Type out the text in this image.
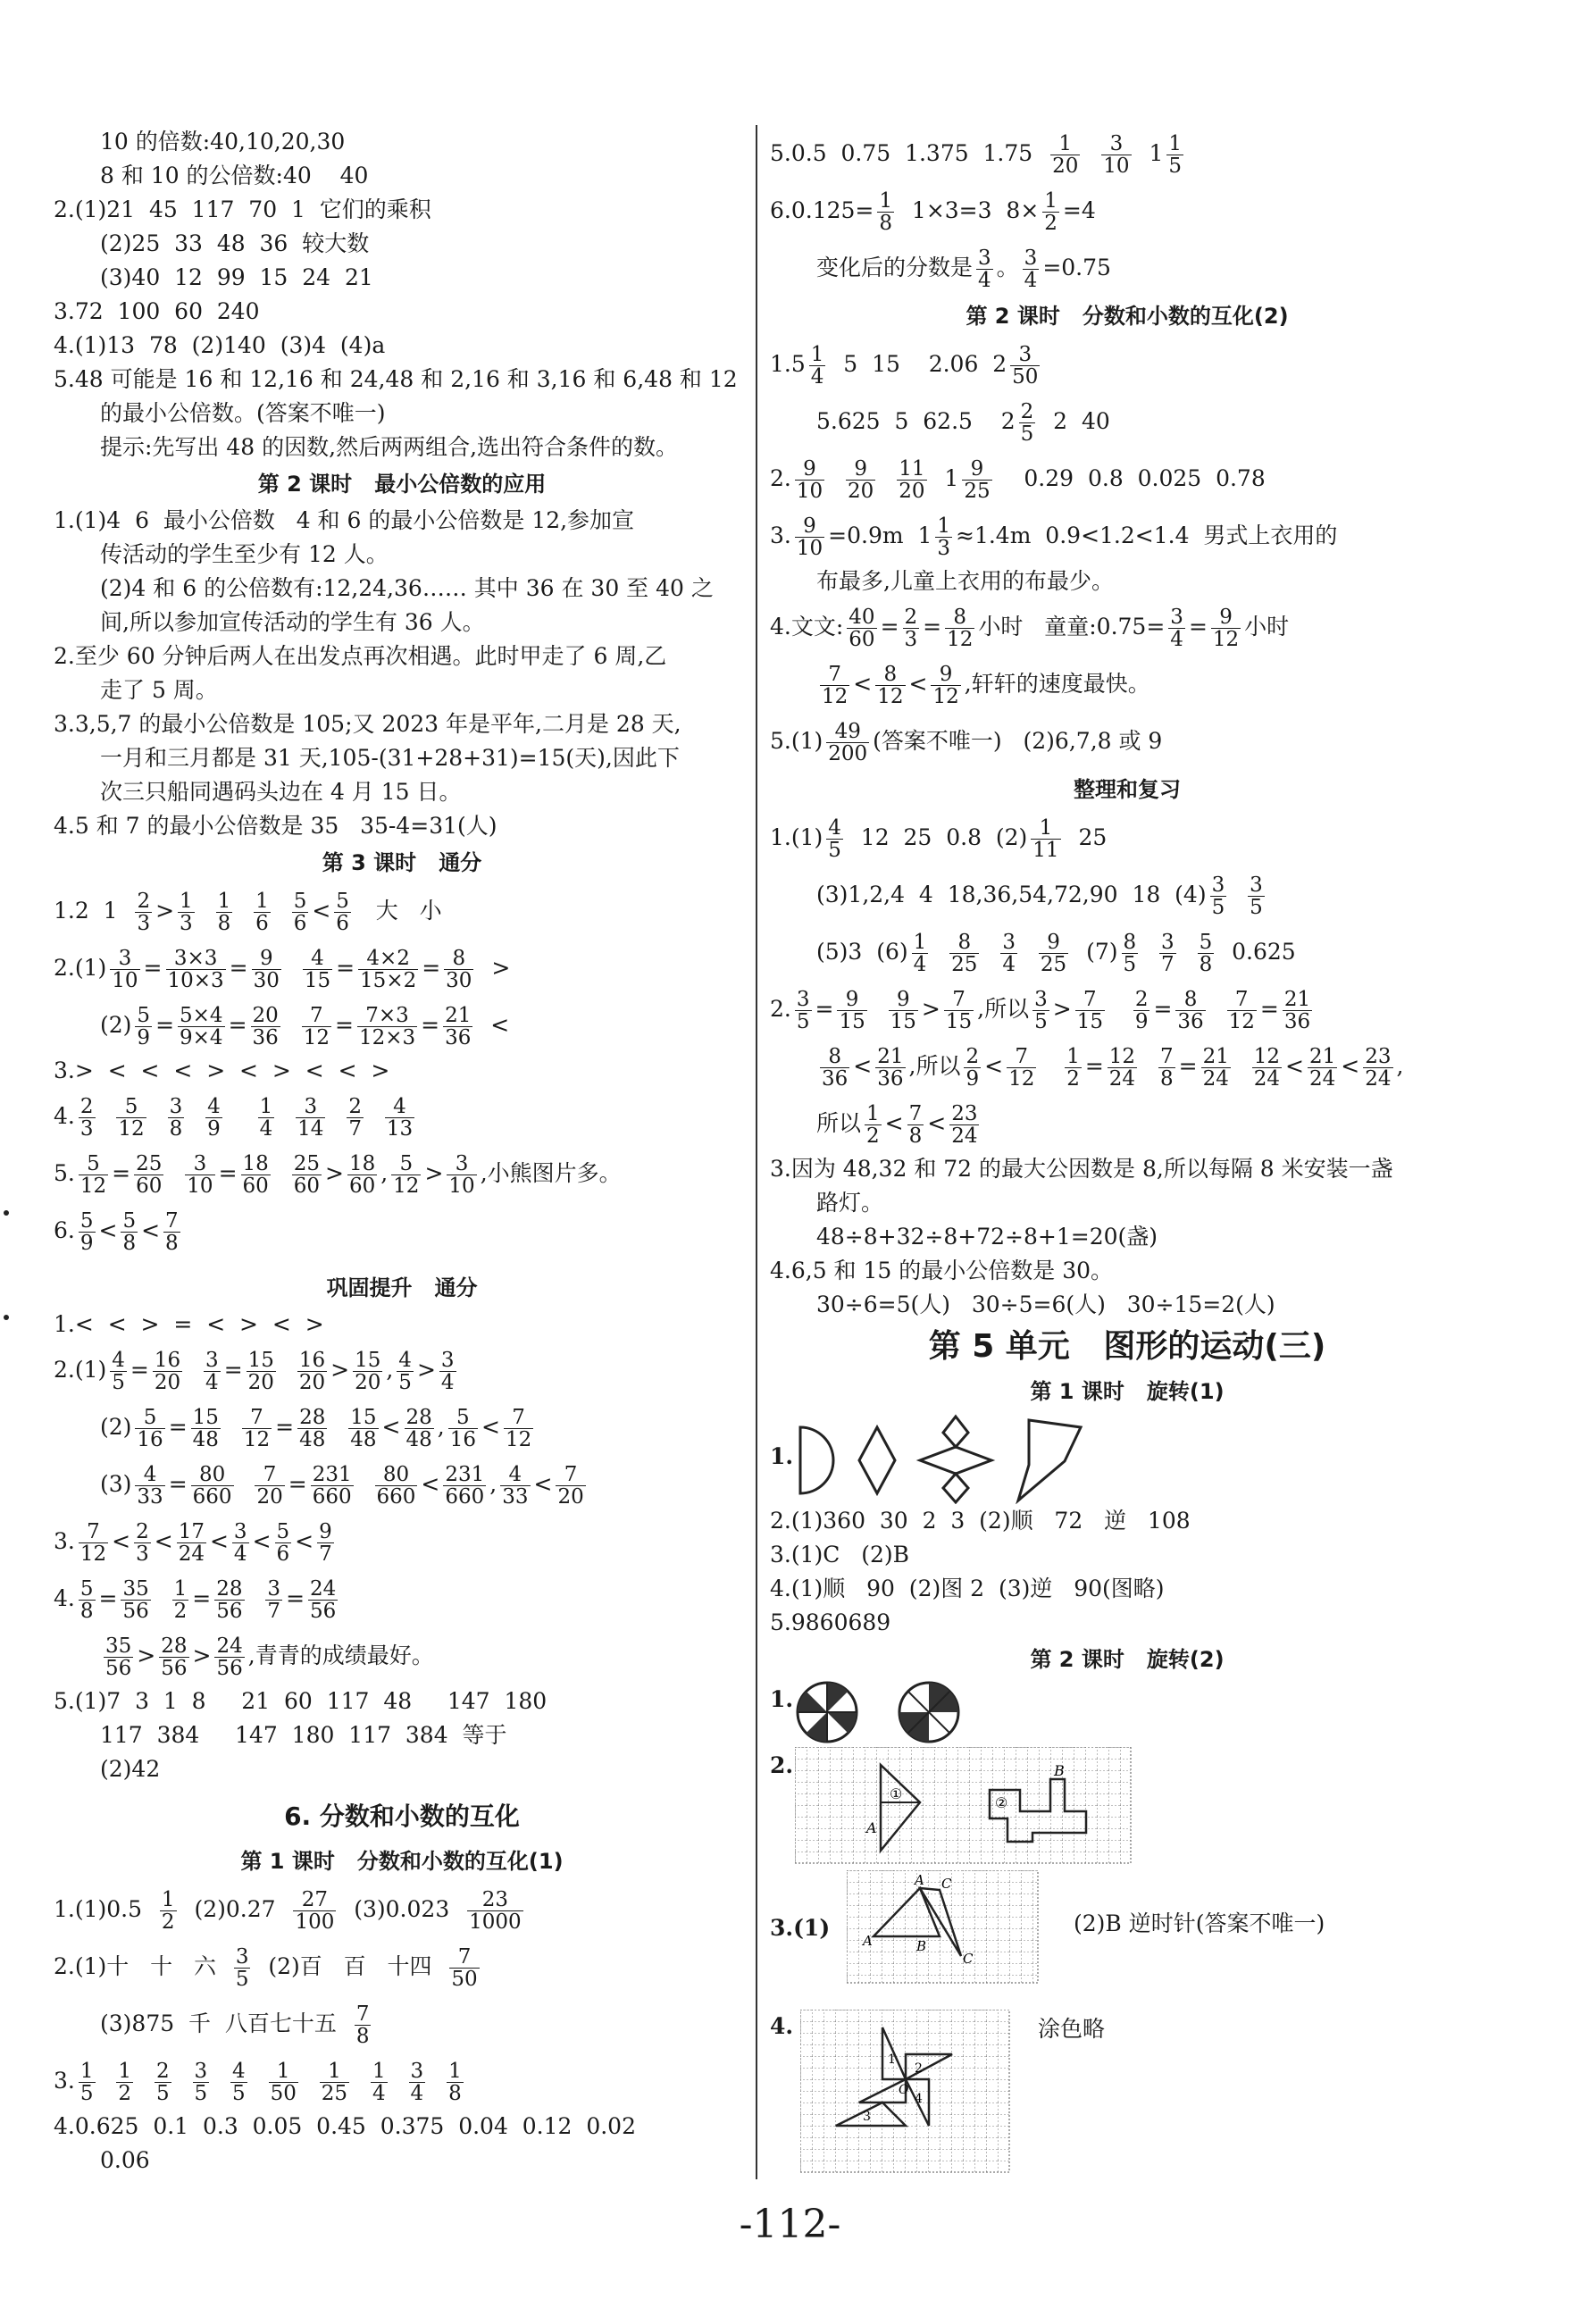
10 的倍数:40,10,20,30
8 和 10 的公倍数:40    40
2.(1)21  45  117  70  1  它们的乘积
(2)25  33  48  36  较大数
(3)40  12  99  15  24  21
3.72  100  60  240
4.(1)13  78  (2)140  (3)4  (4)a
5.48 可能是 16 和 12,16 和 24,48 和 2,16 和 3,16 和 6,48 和 12
的最小公倍数。(答案不唯一)
提示:先写出 48 的因数,然后两两组合,选出符合条件的数。
第 2 课时   最小公倍数的应用
1.(1)4  6  最小公倍数   4 和 6 的最小公倍数是 12,参加宣
传活动的学生至少有 12 人。
(2)4 和 6 的公倍数有:12,24,36…… 其中 36 在 30 至 40 之
间,所以参加宣传活动的学生有 36 人。
2.至少 60 分钟后两人在出发点再次相遇。此时甲走了 6 周,乙
走了 5 周。
3.3,5,7 的最小公倍数是 105;又 2023 年是平年,二月是 28 天,
一月和三月都是 31 天,105-(31+28+31)=15(天),因此下
次三只船同遇码头边在 4 月 15 日。
4.5 和 7 的最小公倍数是 35   35-4=31(人)
第 3 课时   通分
1.2  $1 \frac{2}{3} > \frac{1}{3}$
$\frac{1}{8}$
$\frac{1}{6}$
$\frac{5}{6} < \frac{5}{6}$ 大   小
$2.(1) \frac{3}{10} = \frac{3\times 3}{10\times 3} = \frac{9}{30}$
$\frac{4}{15} = \frac{4\times 2}{15\times 2} = \frac{8}{30}$ >
$(2) \frac{5}{9} = \frac{5\times 4}{9\times 4} = \frac{20}{36}$
$\frac{7}{12} = \frac{7\times 3}{12\times 3} = \frac{21}{36}$ <
3.>  <  <  <  >  <  >  <  <  >
4. $\frac{2}{3}$
$\frac{5}{12}$
$\frac{3}{8}$
$\frac{4}{9}$
$\frac{1}{4}$
$\frac{3}{14}$
$\frac{2}{7}$
$\frac{4}{13}$
5. $\frac{5}{12} = \frac{25}{60}$
$\frac{3}{10} = \frac{18}{60}$
$\frac{25}{60} > \frac{18}{60}$ , $\frac{5}{12} > \frac{3}{10}$ ,小熊图片多。
6. $\frac{5}{9} < \frac{5}{8} < \frac{7}{8}$
巩固提升   通分
1.<  <  >  =  <  >  <  >
$2.(1) \frac{4}{5} = \frac{16}{20}$
$\frac{3}{4} = \frac{15}{20}$
$\frac{16}{20} > \frac{15}{20}$ , $\frac{4}{5} > \frac{3}{4}$
$(2) \frac{5}{16} = \frac{15}{48}$
$\frac{7}{12} = \frac{28}{48}$
$\frac{15}{48} < \frac{28}{48}$ , $\frac{5}{16} < \frac{7}{12}$
$(3) \frac{4}{33} = \frac{80}{660}$
$\frac{7}{20} = \frac{231}{660}$
$\frac{80}{660} < \frac{231}{660}$ , $\frac{4}{33} < \frac{7}{20}$
3. $\frac{7}{12} < \frac{2}{3} < \frac{17}{24} < \frac{3}{4} < \frac{5}{6} < \frac{9}{7}$
4. $\frac{5}{8} = \frac{35}{56}$
$\frac{1}{2} = \frac{28}{56}$
$\frac{3}{7} = \frac{24}{56}$
$\frac{35}{56} > \frac{28}{56} > \frac{24}{56}$ ,青青的成绩最好。
5.(1)7  3  1  8     21  60  117  48     147  180
117  384     147  180  117  384  等于
(2)42
6. 分数和小数的互化
第 1 课时   分数和小数的互化(1)
$1.(1)0.5 \frac{1}{2} (2)0.27 \frac{27}{100} (3)0.023 \frac{23}{1000}$
2.(1)十   十   六 $\frac{3}{5} (2)$百   百   十四 $\frac{7}{50}$
(3)875  千  八百七十五 $\frac{7}{8}$
3. $\frac{1}{5}$
$\frac{1}{2}$
$\frac{2}{5}$
$\frac{3}{5}$
$\frac{4}{5}$
$\frac{1}{50}$
$\frac{1}{25}$
$\frac{1}{4}$
$\frac{3}{4}$
$\frac{1}{8}$
4.0.625  0.1  0.3  0.05  0.45  0.375  0.04  0.12  0.02
0.06
5.0.5  0.75  1.375  $1.75 \frac{1}{20}$
$\frac{3}{10} 1 \frac{1}{5}$
$6.0.125= \frac{1}{8} 1\times 3=3$  $8\times \frac{1}{2} =4$
变化后的分数是 $\frac{3}{4}$ 。 $\frac{3}{4} =0.75$
第 2 课时   分数和小数的互化(2)
$1.5 \frac{1}{4} 5$  15    2.06  $2 \frac{3}{50}$
5.625  5  62.5    $2 \frac{2}{5} 2$  40
2. $\frac{9}{10}$
$\frac{9}{20}$
$\frac{11}{20} 1 \frac{9}{25} 0.29$  0.8  0.025  0.78
3. $\frac{9}{10} =0.9m$  $1 \frac{1}{3} \approx 1.4m$  0.9<1.2<1.4  男式上衣用的
布最多,儿童上衣用的布最少。
4.文文: $\frac{40}{60} = \frac{2}{3} = \frac{8}{12}$ 小时 童童:0.75= $\frac{3}{4} = \frac{9}{12}$ 小时
$\frac{7}{12} < \frac{8}{12} < \frac{9}{12}$ ,轩轩的速度最快。
$5.(1) \frac{49}{200}$ (答案不唯一)   (2)6,7,8 或 9
整理和复习
$1.(1) \frac{4}{5} 12$  25  0.8  $(2) \frac{1}{11} 25$
(3)1,2,4  4  18,36,54,72,90  18  $(4) \frac{3}{5}$
$\frac{3}{5}$
(5)3  $(6) \frac{1}{4}$
$\frac{8}{25}$
$\frac{3}{4}$
$\frac{9}{25} (7) \frac{8}{5}$
$\frac{3}{7}$
$\frac{5}{8} 0.625$
2. $\frac{3}{5} = \frac{9}{15}$
$\frac{9}{15} > \frac{7}{15}$ ,所以 $\frac{3}{5} > \frac{7}{15}$
$\frac{2}{9} = \frac{8}{36}$
$\frac{7}{12} = \frac{21}{36}$
$\frac{8}{36} < \frac{21}{36}$ ,所以 $\frac{2}{9} < \frac{7}{12}$
$\frac{1}{2} = \frac{12}{24}$
$\frac{7}{8} = \frac{21}{24}$
$\frac{12}{24} < \frac{21}{24} < \frac{23}{24}$ ,
所以 $\frac{1}{2} < \frac{7}{8} < \frac{23}{24}$
3.因为 48,32 和 72 的最大公因数是 8,所以每隔 8 米安装一盏
路灯。
48÷8+32÷8+72÷8+1=20(盏)
4.6,5 和 15 的最小公倍数是 30。
30÷6=5(人)   30÷5=6(人)   30÷15=2(人)
第 5 单元   图形的运动(三)
第 1 课时   旋转(1)
1.
2.(1)360  30  2  3  (2)顺   72   逆   108
3.(1)C   (2)B
4.(1)顺   90  (2)图 2  (3)逆   90(图略)
5.9860689
第 2 课时   旋转(2)
1.
2.
①
A
②
B
3.(1)
A C
A	B
C
(2)B 逆时针(答案不唯一)
4.
1
2
3
4
O
涂色略
-112-
